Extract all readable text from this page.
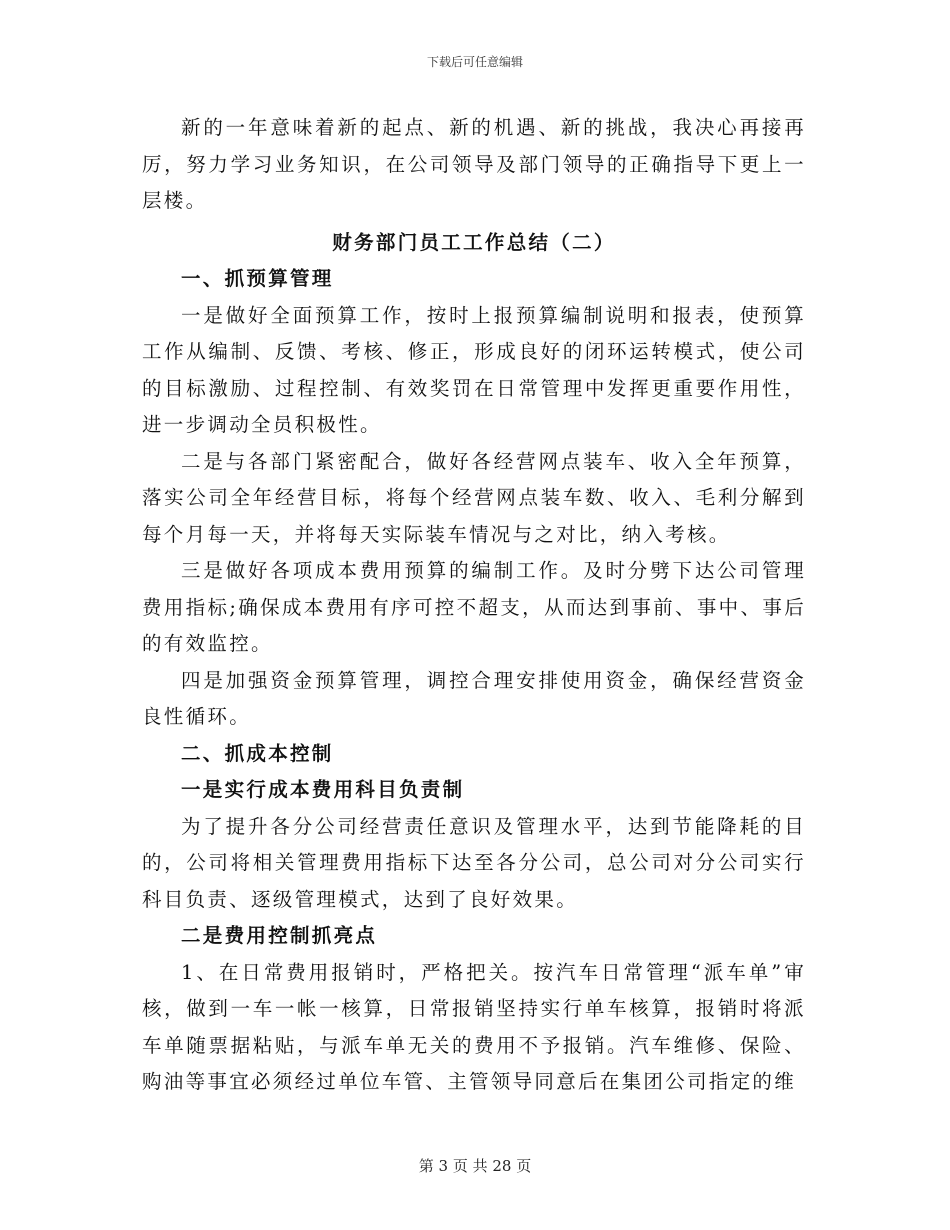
下载后可任意编辑

新的一年意味着新的起点、新的机遇、新的挑战，我决心再接再厉，努力学习业务知识，在公司领导及部门领导的正确指导下更上一层楼。

财务部门员工工作总结（二）

一、抓预算管理

一是做好全面预算工作，按时上报预算编制说明和报表，使预算工作从编制、反馈、考核、修正，形成良好的闭环运转模式，使公司的目标激励、过程控制、有效奖罚在日常管理中发挥更重要作用性，进一步调动全员积极性。

二是与各部门紧密配合，做好各经营网点装车、收入全年预算，落实公司全年经营目标，将每个经营网点装车数、收入、毛利分解到每个月每一天，并将每天实际装车情况与之对比，纳入考核。

三是做好各项成本费用预算的编制工作。及时分劈下达公司管理费用指标;确保成本费用有序可控不超支，从而达到事前、事中、事后的有效监控。

四是加强资金预算管理，调控合理安排使用资金，确保经营资金良性循环。

二、抓成本控制

一是实行成本费用科目负责制

为了提升各分公司经营责任意识及管理水平，达到节能降耗的目的，公司将相关管理费用指标下达至各分公司，总公司对分公司实行科目负责、逐级管理模式，达到了良好效果。

二是费用控制抓亮点

1、在日常费用报销时，严格把关。按汽车日常管理“派车单”审核，做到一车一帐一核算，日常报销坚持实行单车核算，报销时将派车单随票据粘贴，与派车单无关的费用不予报销。汽车维修、保险、购油等事宜必须经过单位车管、主管领导同意后在集团公司指定的维

第 3 页 共 28 页
